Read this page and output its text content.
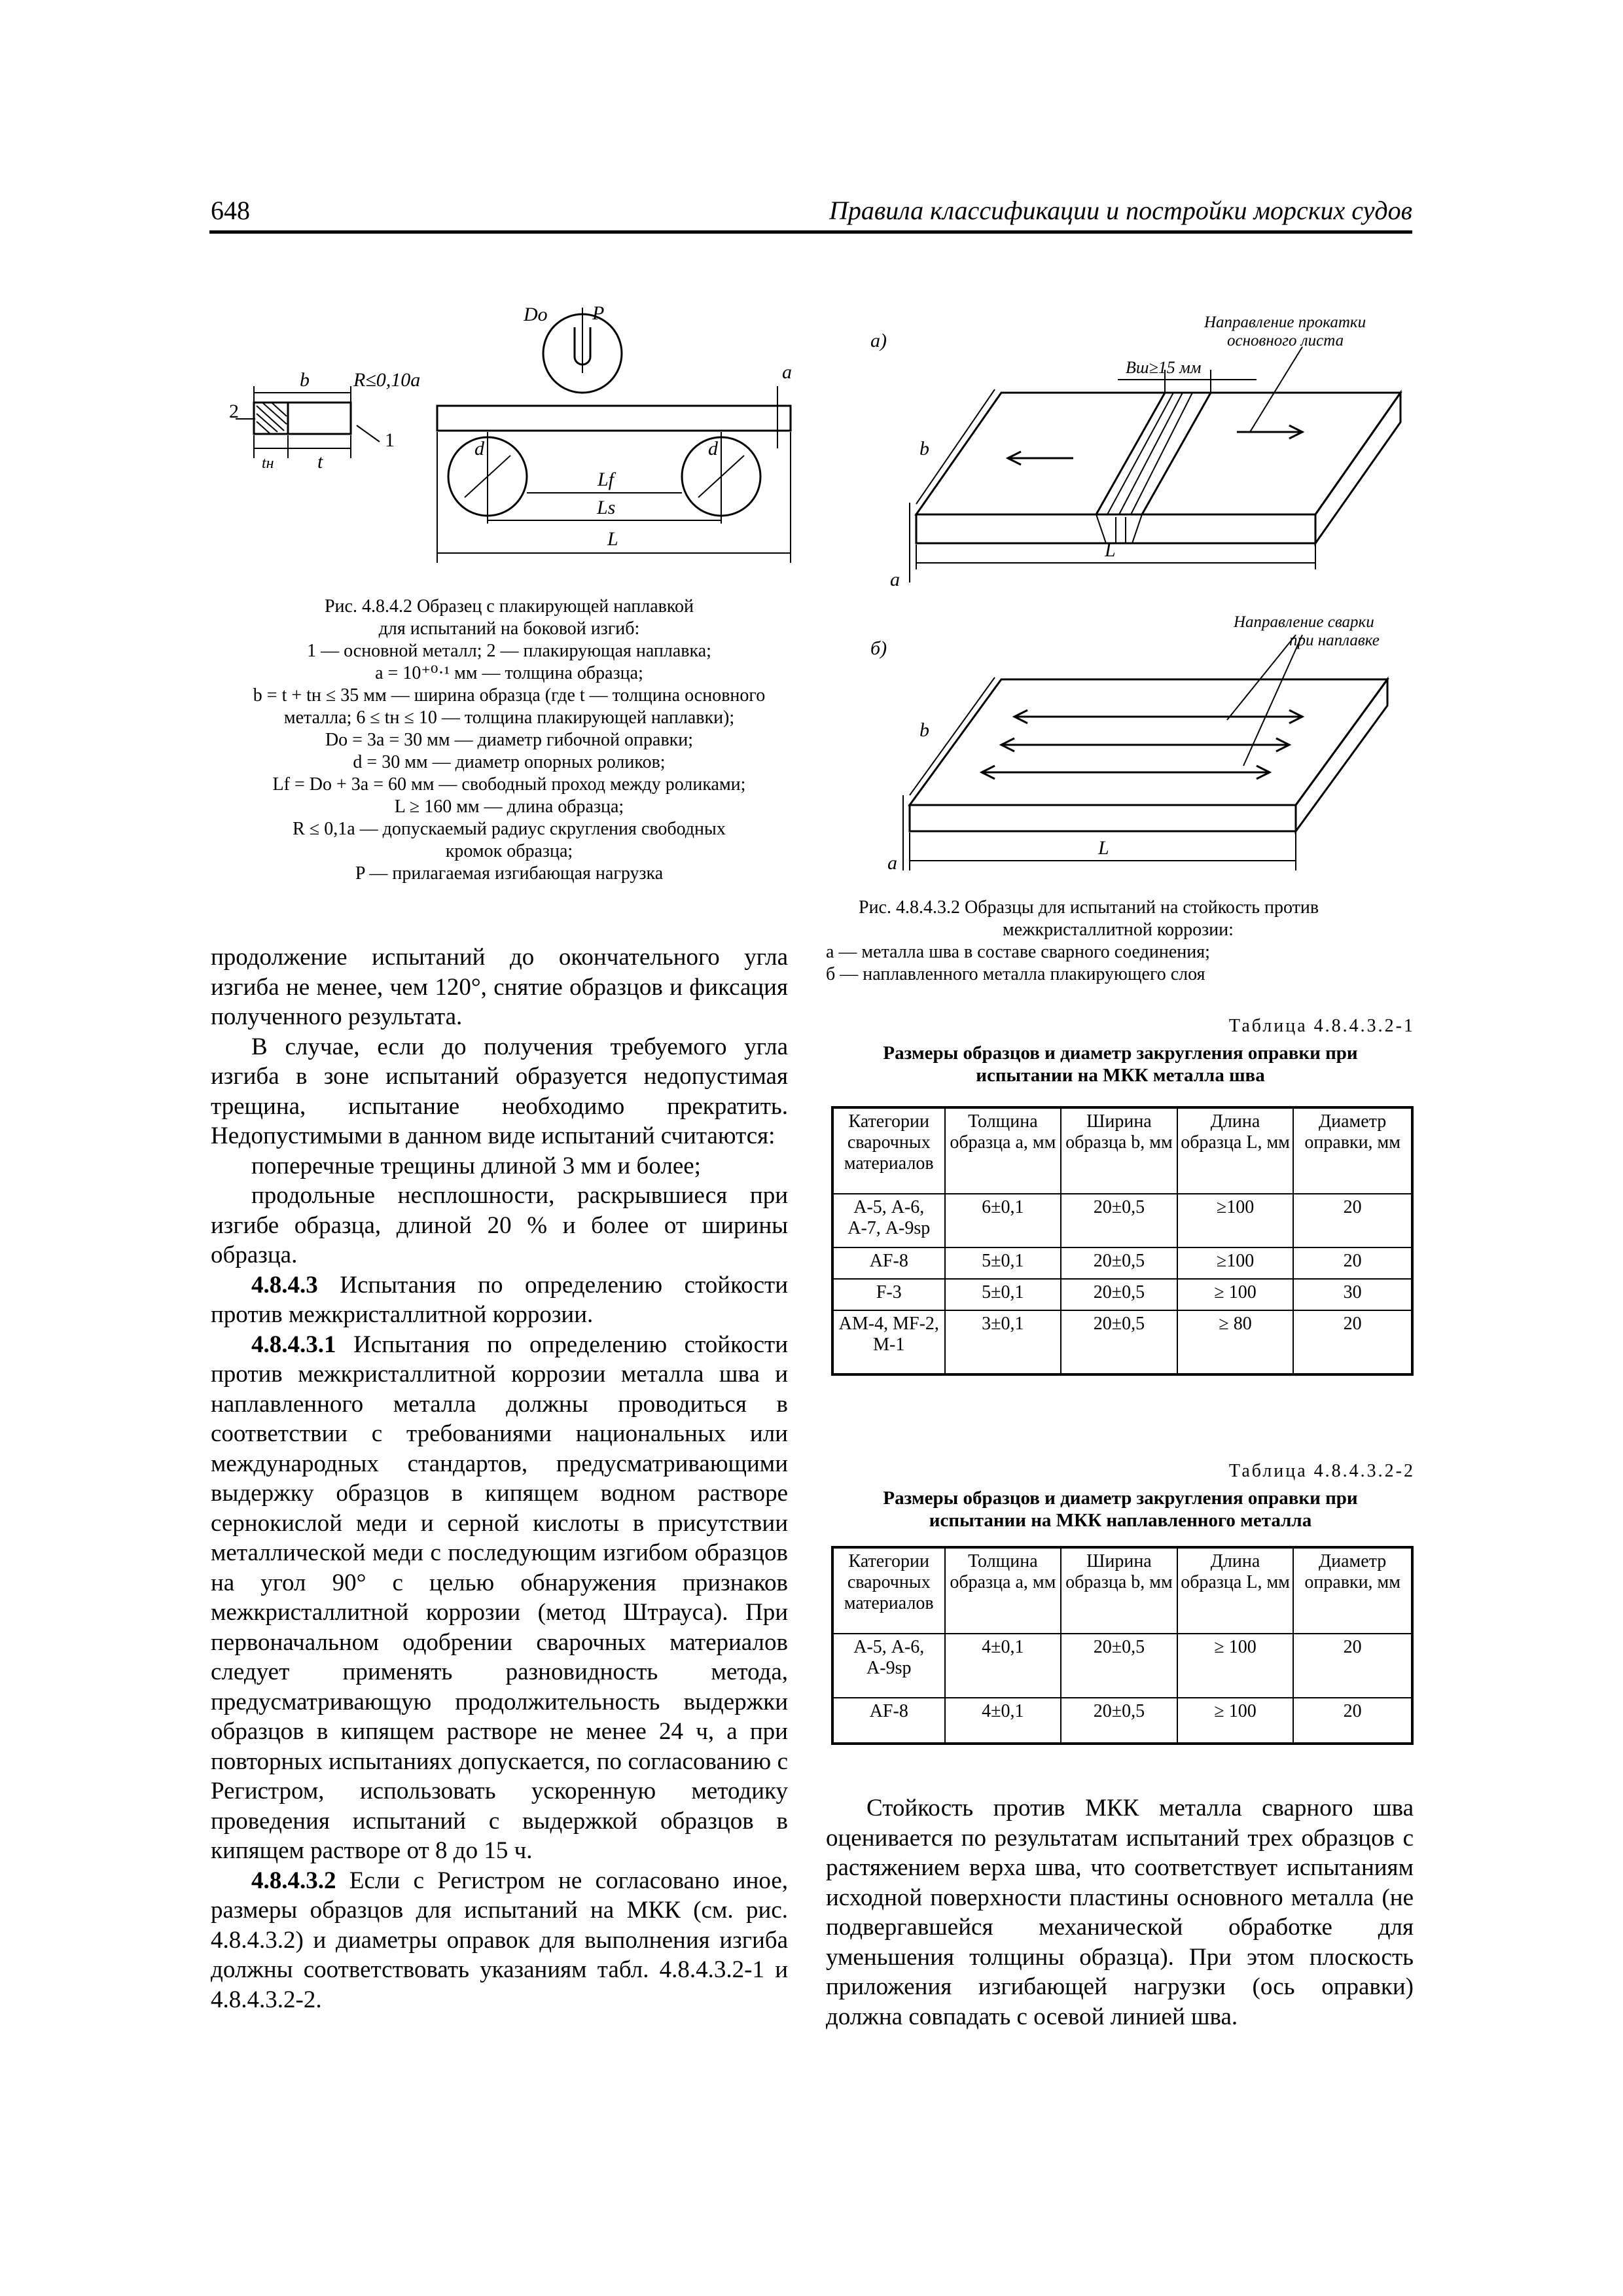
648	Правила классификации и постройки морских судов
Dо P
a
b R≤0,10a
2
1
tн t
d	d
Lf
Ls
L
Рис. 4.8.4.2 Образец с плакирующей наплавкой
для испытаний на боковой изгиб:
1 — основной металл; 2 — плакирующая наплавка;
a = 10⁺⁰·¹ мм — толщина образца;
b = t + tн ≤ 35 мм — ширина образца (где t — толщина основного
металла; 6 ≤ tн ≤ 10 — толщина плакирующей наплавки);
Dо = 3a = 30 мм — диаметр гибочной оправки;
d = 30 мм — диаметр опорных роликов;
Lf = Dо + 3a = 60 мм — свободный проход между роликами;
L ≥ 160 мм — длина образца;
R ≤ 0,1a — допускаемый радиус скругления свободных
кромок образца;
P — прилагаемая изгибающая нагрузка
а)
Направление прокатки
основного листа
Bш≥15 мм
b
a
L
Направление сварки
при наплавке
б)
b
a
L
Рис. 4.8.4.3.2 Образцы для испытаний на стойкость против
межкристаллитной коррозии:
а — металла шва в составе сварного соединения;
б — наплавленного металла плакирующего слоя

продолжение испытаний до окончательного угла изгиба не менее, чем 120°, снятие образцов и фиксация полученного результата.

В случае, если до получения требуемого угла изгиба в зоне испытаний образуется недопустимая трещина, испытание необходимо прекратить. Недопустимыми в данном виде испытаний считаются:

поперечные трещины длиной 3 мм и более;

продольные несплошности, раскрывшиеся при изгибе образца, длиной 20 % и более от ширины образца.

4.8.4.3 Испытания по определению стойкости против межкристаллитной коррозии.

4.8.4.3.1 Испытания по определению стойкости против межкристаллитной коррозии металла шва и наплавленного металла должны проводиться в соответствии с требованиями национальных или международных стандартов, предусматривающими выдержку образцов в кипящем водном растворе сернокислой меди и серной кислоты в присутствии металлической меди с последующим изгибом образцов на угол 90° с целью обнаружения признаков межкристаллитной коррозии (метод Штрауса). При первоначальном одобрении сварочных материалов следует применять разновидность метода, предусматривающую продолжительность выдержки образцов в кипящем растворе не менее 24 ч, а при повторных испытаниях допускается, по согласованию с Регистром, использовать ускоренную методику проведения испытаний с выдержкой образцов в кипящем растворе от 8 до 15 ч.

4.8.4.3.2 Если с Регистром не согласовано иное, размеры образцов для испытаний на МКК (см. рис. 4.8.4.3.2) и диаметры оправок для выполнения изгиба должны соответствовать указаниям табл. 4.8.4.3.2-1 и 4.8.4.3.2-2.

Таблица 4.8.4.3.2-1
Размеры образцов и диаметр закругления оправки при
испытании на МКК металла шва
Категории сварочных материалов	Толщина образца a, мм	Ширина образца b, мм	Длина образца L, мм	Диаметр оправки, мм
А-5, А-6, А-7, А-9sp	6±0,1	20±0,5	≥100	20
AF-8	5±0,1	20±0,5	≥100	20
F-3	5±0,1	20±0,5	≥ 100	30
АМ-4, MF-2, М-1	3±0,1	20±0,5	≥ 80	20
Таблица 4.8.4.3.2-2
Размеры образцов и диаметр закругления оправки при
испытании на МКК наплавленного металла
Категории сварочных материалов	Толщина образца a, мм	Ширина образца b, мм	Длина образца L, мм	Диаметр оправки, мм
А-5, А-6, А-9sp	4±0,1	20±0,5	≥ 100	20
AF-8	4±0,1	20±0,5	≥ 100	20

Стойкость против МКК металла сварного шва оценивается по результатам испытаний трех образцов с растяжением верха шва, что соответствует испытаниям исходной поверхности пластины основного металла (не подвергавшейся механической обработке для уменьшения толщины образца). При этом плоскость приложения изгибающей нагрузки (ось оправки) должна совпадать с осевой линией шва.
